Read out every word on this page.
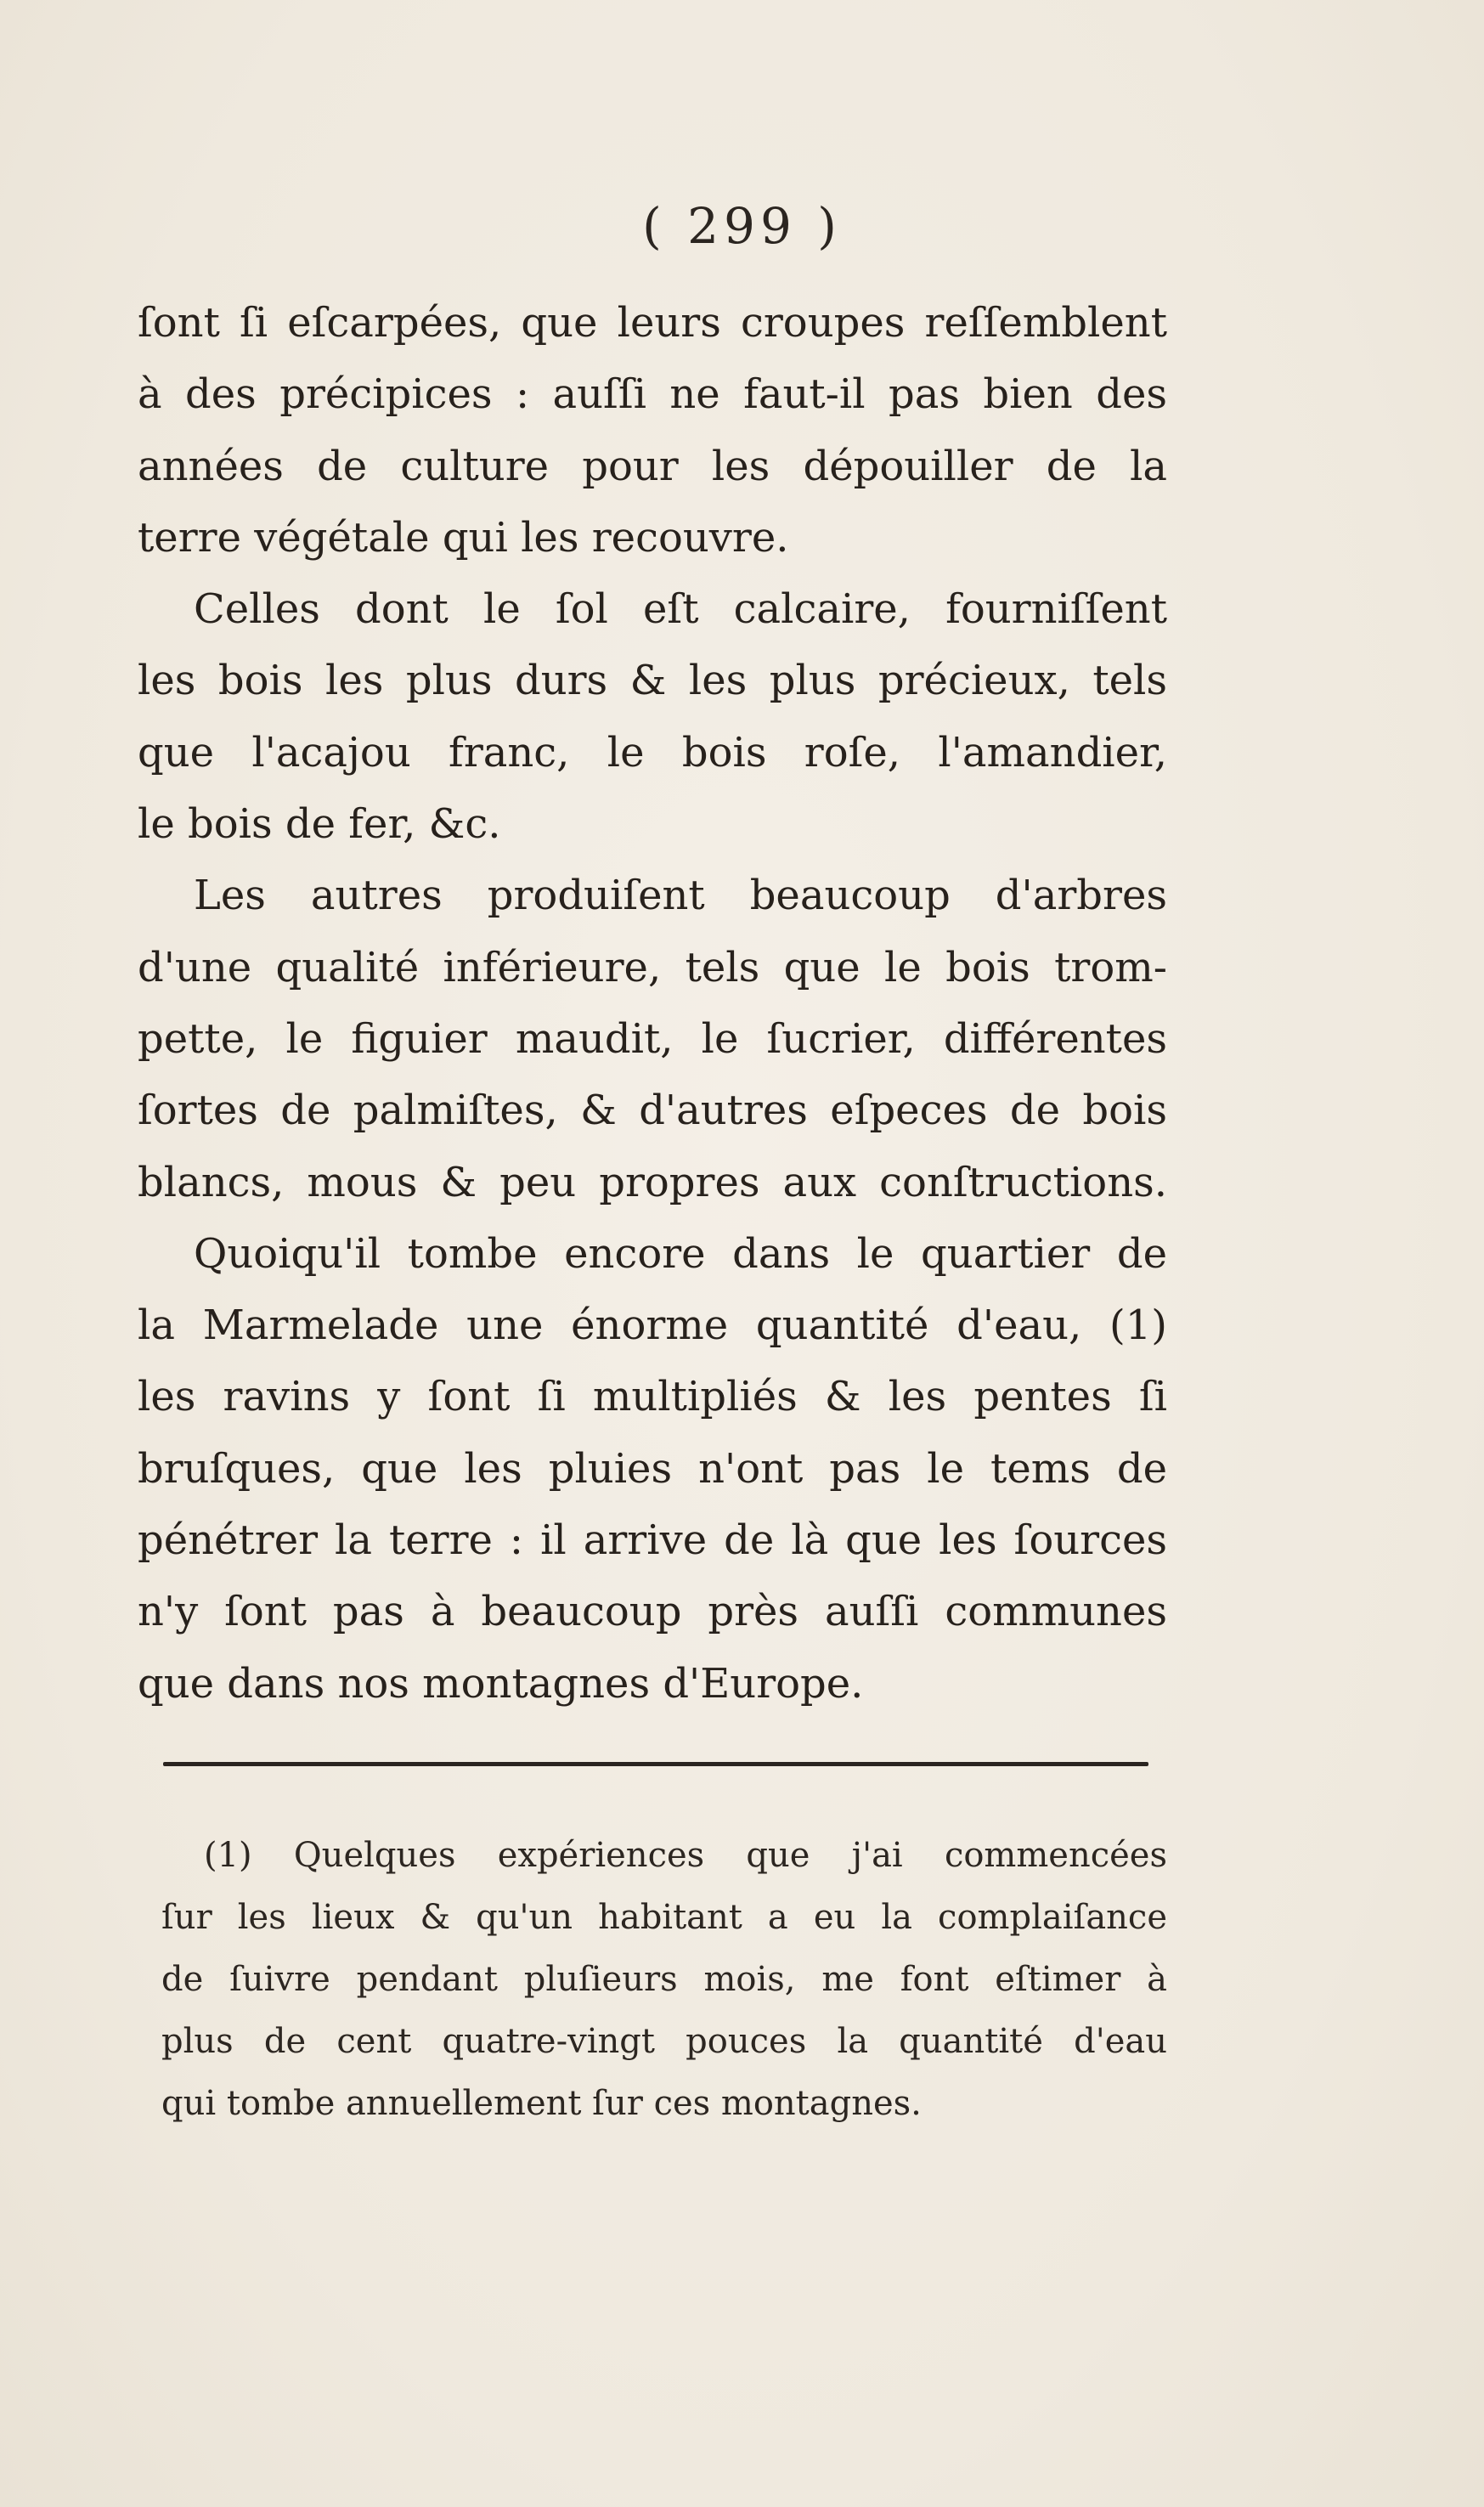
( 299 )
ſont ſi eſcarpées, que leurs croupes reſſemblent
à des précipices : auſſi ne faut-il pas bien des
années de culture pour les dépouiller de la
terre végétale qui les recouvre.
Celles dont le ſol eſt calcaire, fourniſſent
les bois les plus durs & les plus précieux, tels
que l'acajou franc, le bois roſe, l'amandier,
le bois de fer, &c.
Les autres produiſent beaucoup d'arbres
d'une qualité inférieure, tels que le bois trom-
pette, le figuier maudit, le ſucrier, différentes
ſortes de palmiſtes, & d'autres eſpeces de bois
blancs, mous & peu propres aux conſtructions.
Quoiqu'il tombe encore dans le quartier de
la Marmelade une énorme quantité d'eau, (1)
les ravins y ſont ſi multipliés & les pentes ſi
bruſques, que les pluies n'ont pas le tems de
pénétrer la terre : il arrive de là que les ſources
n'y ſont pas à beaucoup près auſſi communes
que dans nos montagnes d'Europe.
(1) Quelques expériences que j'ai commencées
ſur les lieux & qu'un habitant a eu la complaiſance
de ſuivre pendant pluſieurs mois, me font eſtimer à
plus de cent quatre-vingt pouces la quantité d'eau
qui tombe annuellement ſur ces montagnes.
